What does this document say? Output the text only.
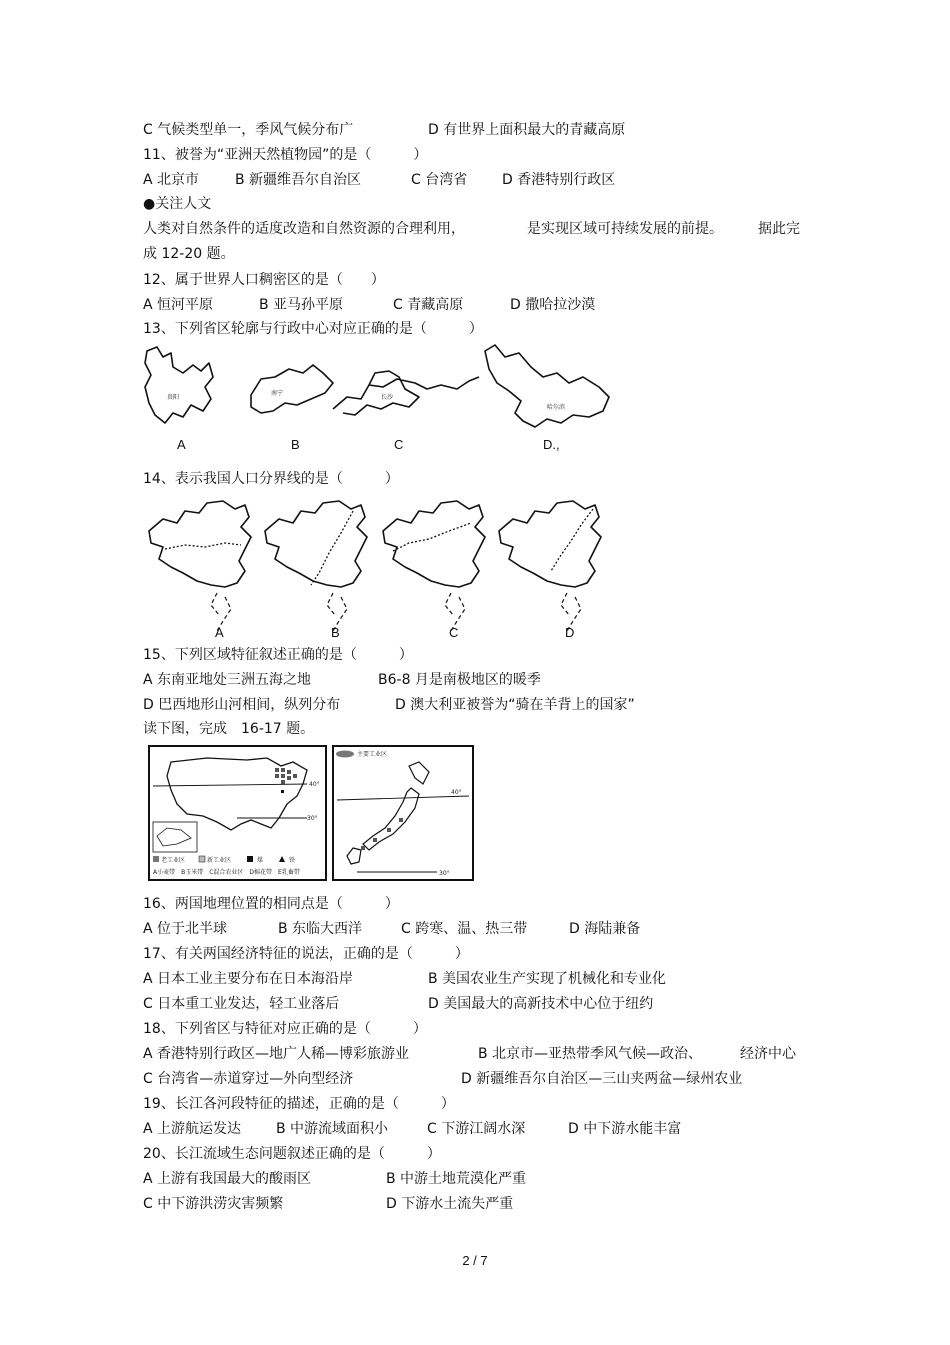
C 气候类型单一，季风气候分布广	D 有世界上面积最大的青藏高原
11、被誉为“亚洲天然植物园”的是（　　　）
A 北京市	B 新疆维吾尔自治区	C 台湾省 D 香港特别行政区
●关注人文
人类对自然条件的适度改造和自然资源的合理利用，	是实现区域可持续发展的前提。	据此完
成 12-20 题。
12、属于世界人口稠密区的是（　　）
A 恒河平原	B 亚马孙平原	C 青藏高原	D 撒哈拉沙漠
13、下列省区轮廓与行政中心对应正确的是（　　　）
贵阳
南宁
长沙
哈尔滨
A	B	C	D.,
14、表示我国人口分界线的是（　　　）
A	B	C	D
15、下列区域特征叙述正确的是（　　　）
A 东南亚地处三洲五海之地	B6-8 月是南极地区的暖季
D 巴西地形山河相间，纵列分布	D 澳大利亚被誉为“骑在羊背上的国家”
读下图，完成　16-17 题。
40°
30°
老工业区	新工业区	煤	铁
A小麦带　B玉米带　C混合农业区　D棉花带　E乳畜带
主要工业区
40°
30°
16、两国地理位置的相同点是（　　　）
A 位于北半球	B 东临大西洋	C 跨寒、温、热三带	D 海陆兼备
17、有关两国经济特征的说法，正确的是（　　　）
A 日本工业主要分布在日本海沿岸	B 美国农业生产实现了机械化和专业化
C 日本重工业发达，轻工业落后	D 美国最大的高新技术中心位于纽约
18、下列省区与特征对应正确的是（　　　）
A 香港特别行政区—地广人稀—博彩旅游业	B 北京市—亚热带季风气候—政治、	经济中心
C 台湾省—赤道穿过—外向型经济	D 新疆维吾尔自治区—三山夹两盆—绿州农业
19、长江各河段特征的描述，正确的是（　　　）
A 上游航运发达 B 中游流域面积小	C 下游江阔水深	D 中下游水能丰富
20、长江流域生态问题叙述正确的是（　　　）
A 上游有我国最大的酸雨区	B 中游土地荒漠化严重
C 中下游洪涝灾害频繁	D 下游水土流失严重
2 / 7
